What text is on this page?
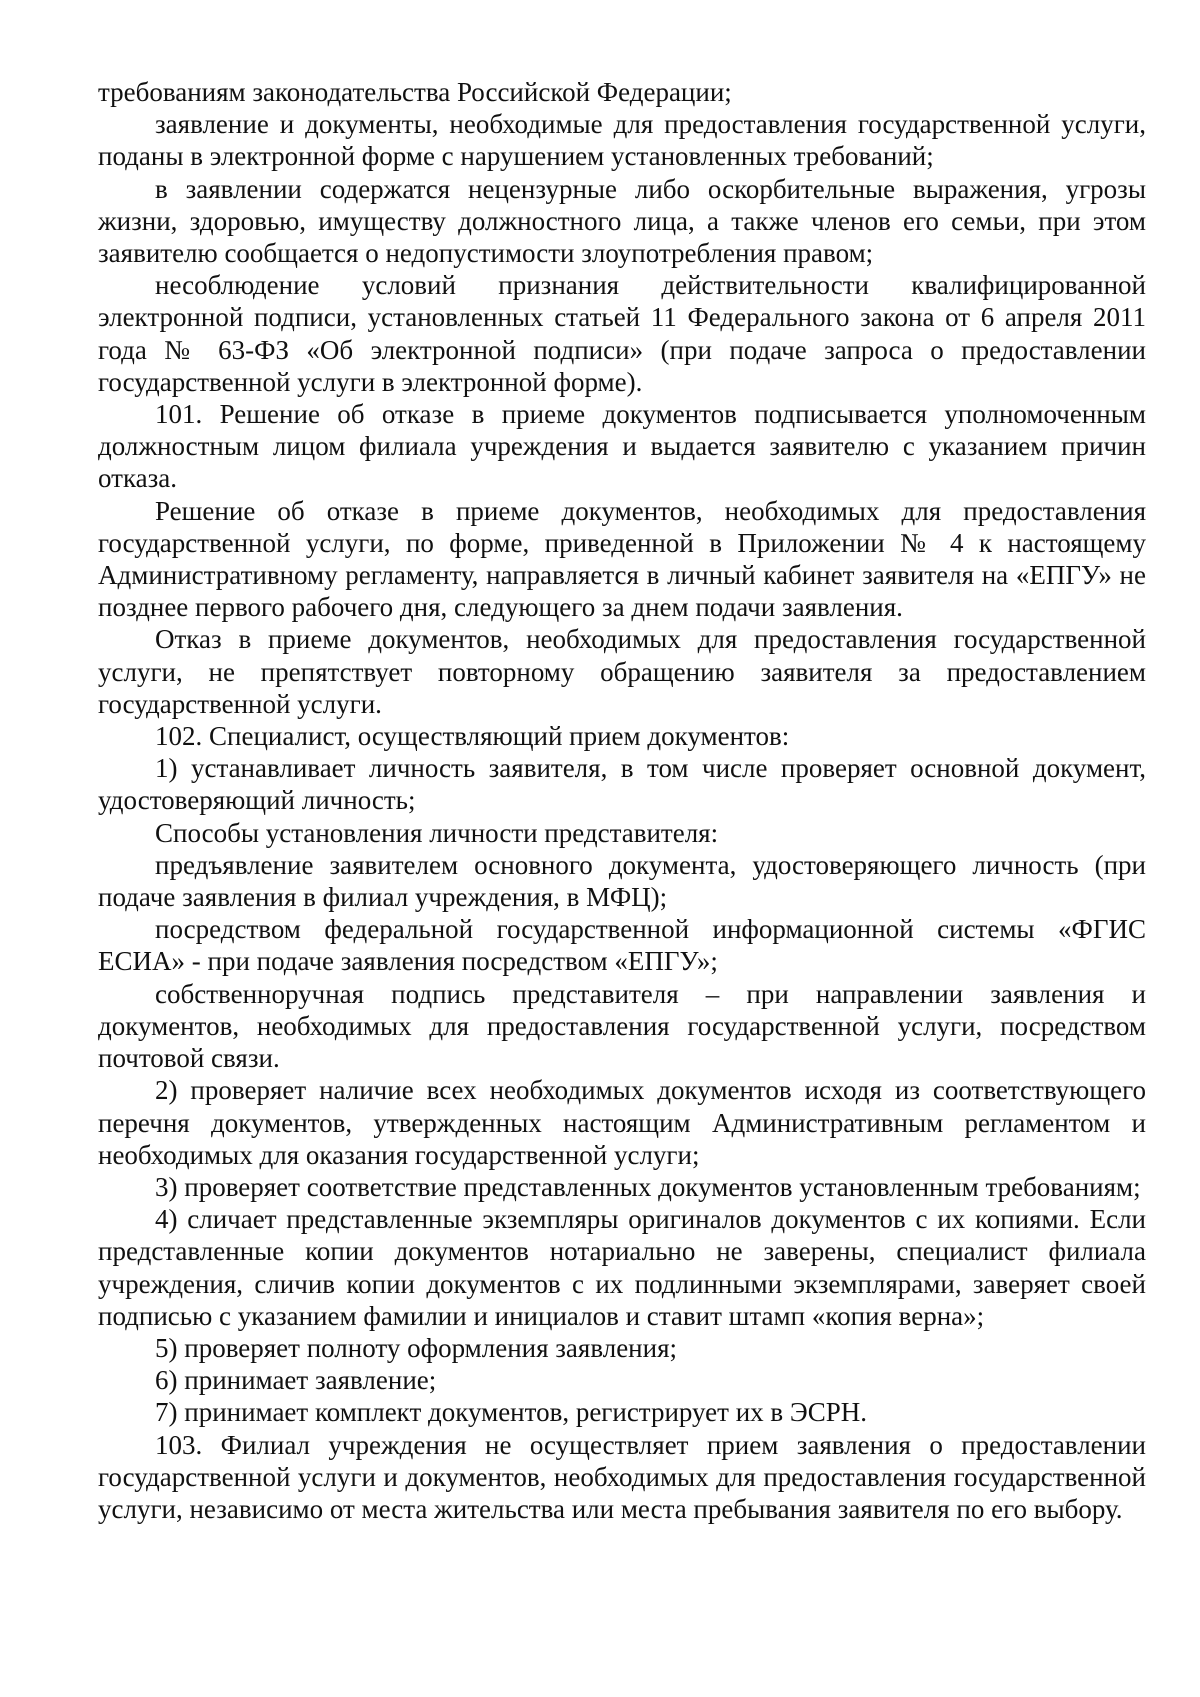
требованиям законодательства Российской Федерации;

заявление и документы, необходимые для предоставления государственной услуги, поданы в электронной форме с нарушением установленных требований;

в заявлении содержатся нецензурные либо оскорбительные выражения, угрозы жизни, здоровью, имуществу должностного лица, а также членов его семьи, при этом заявителю сообщается о недопустимости злоупотребления правом;

несоблюдение условий признания действительности квалифицированной электронной подписи, установленных статьей 11 Федерального закона от 6 апреля 2011 года № 63-ФЗ «Об электронной подписи» (при подаче запроса о предоставлении государственной услуги в электронной форме).

101. Решение об отказе в приеме документов подписывается уполномоченным должностным лицом филиала учреждения и выдается заявителю с указанием причин отказа.

Решение об отказе в приеме документов, необходимых для предоставления государственной услуги, по форме, приведенной в Приложении № 4 к настоящему Административному регламенту, направляется в личный кабинет заявителя на «ЕПГУ» не позднее первого рабочего дня, следующего за днем подачи заявления.

Отказ в приеме документов, необходимых для предоставления государственной услуги, не препятствует повторному обращению заявителя за предоставлением государственной услуги.

102. Специалист, осуществляющий прием документов:

1) устанавливает личность заявителя, в том числе проверяет основной документ, удостоверяющий личность;

Способы установления личности представителя:

предъявление заявителем основного документа, удостоверяющего личность (при подаче заявления в филиал учреждения, в МФЦ);

посредством федеральной государственной информационной системы «ФГИС ЕСИА» - при подаче заявления посредством «ЕПГУ»;

собственноручная подпись представителя – при направлении заявления и документов, необходимых для предоставления государственной услуги, посредством почтовой связи.

2) проверяет наличие всех необходимых документов исходя из соответствующего перечня документов, утвержденных настоящим Административным регламентом и необходимых для оказания государственной услуги;

3) проверяет соответствие представленных документов установленным требованиям;

4) сличает представленные экземпляры оригиналов документов с их копиями. Если представленные копии документов нотариально не заверены, специалист филиала учреждения, сличив копии документов с их подлинными экземплярами, заверяет своей подписью с указанием фамилии и инициалов и ставит штамп «копия верна»;

5) проверяет полноту оформления заявления;

6) принимает заявление;

7) принимает комплект документов, регистрирует их в ЭСРН.

103. Филиал учреждения не осуществляет прием заявления о предоставлении государственной услуги и документов, необходимых для предоставления государственной услуги, независимо от места жительства или места пребывания заявителя по его выбору.
